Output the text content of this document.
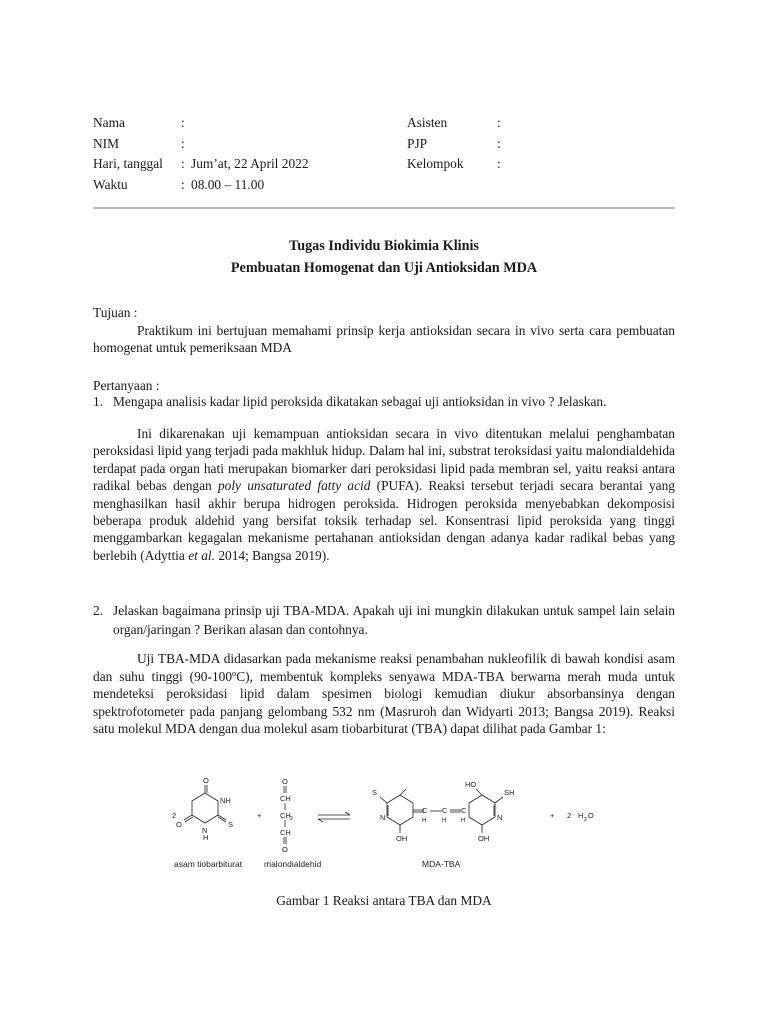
Nama	:
NIM	:
Hari, tanggal	: Jum’at, 22 April 2022
Waktu	: 08.00 – 11.00
Asisten	:
PJP	:
Kelompok	:
Tugas Individu Biokimia Klinis
Pembuatan Homogenat dan Uji Antioksidan MDA
Tujuan :
Praktikum ini bertujuan memahami prinsip kerja antioksidan secara in vivo serta cara pembuatan homogenat untuk pemeriksaan MDA
Pertanyaan :
1. Mengapa analisis kadar lipid peroksida dikatakan sebagai uji antioksidan in vivo ? Jelaskan.
Ini dikarenakan uji kemampuan antioksidan secara in vivo ditentukan melalui penghambatan peroksidasi lipid yang terjadi pada makhluk hidup. Dalam hal ini, substrat teroksidasi yaitu malondialdehida terdapat pada organ hati merupakan biomarker dari peroksidasi lipid pada membran sel, yaitu reaksi antara radikal bebas dengan poly unsaturated fatty acid (PUFA). Reaksi tersebut terjadi secara berantai yang menghasilkan hasil akhir berupa hidrogen peroksida. Hidrogen peroksida menyebabkan dekomposisi beberapa produk aldehid yang bersifat toksik terhadap sel. Konsentrasi lipid peroksida yang tinggi menggambarkan kegagalan mekanisme pertahanan antioksidan dengan adanya kadar radikal bebas yang berlebih (Adyttia et al. 2014; Bangsa 2019).
2. Jelaskan bagaimana prinsip uji TBA-MDA. Apakah uji ini mungkin dilakukan untuk sampel lain selain organ/jaringan ? Berikan alasan dan contohnya.
Uji TBA-MDA didasarkan pada mekanisme reaksi penambahan nukleofilik di bawah kondisi asam dan suhu tinggi (90-100ºC), membentuk kompleks senyawa MDA-TBA berwarna merah muda untuk mendeteksi peroksidasi lipid dalam spesimen biologi kemudian diukur absorbansinya dengan spektrofotometer pada panjang gelombang 532 nm (Masruroh dan Widyarti 2013; Bangsa 2019). Reaksi satu molekul MDA dengan dua molekul asam tiobarbiturat (TBA) dapat dilihat pada Gambar 1:
2
O
NH
N
H
O	S
+
O
CH
CH 2
CH
O
S
N
OH
C C C
H	H H
HO
SH
N
OH
+ 2 H 2 O
asam tiobarbiturat	malondialdehid	MDA-TBA
Gambar 1 Reaksi antara TBA dan MDA
